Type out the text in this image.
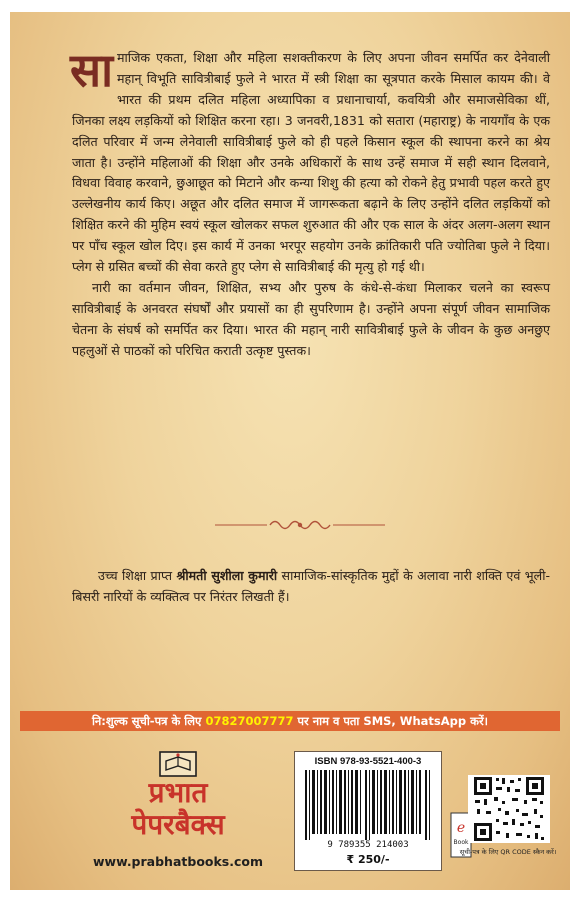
सामाजिक एकता, शिक्षा और महिला सशक्तीकरण के लिए अपना जीवन समर्पित कर देनेवाली महान् विभूति सावित्रीबाई फुले ने भारत में स्त्री शिक्षा का सूत्रपात करके मिसाल कायम की। वे भारत की प्रथम दलित महिला अध्यापिका व प्रधानाचार्या, कवयित्री और समाजसेविका थीं, जिनका लक्ष्य लड़कियों को शिक्षित करना रहा। 3 जनवरी,1831 को सतारा (महाराष्ट्र) के नायगाँव के एक दलित परिवार में जन्म लेनेवाली सावित्रीबाई फुले को ही पहले किसान स्कूल की स्थापना करने का श्रेय जाता है। उन्होंने महिलाओं की शिक्षा और उनके अधिकारों के साथ उन्हें समाज में सही स्थान दिलवाने, विधवा विवाह करवाने, छुआछूत को मिटाने और कन्या शिशु की हत्या को रोकने हेतु प्रभावी पहल करते हुए उल्लेखनीय कार्य किए। अछूत और दलित समाज में जागरूकता बढ़ाने के लिए उन्होंने दलित लड़कियों को शिक्षित करने की मुहिम स्वयं स्कूल खोलकर सफल शुरुआत की और एक साल के अंदर अलग-अलग स्थान पर पाँच स्कूल खोल दिए। इस कार्य में उनका भरपूर सहयोग उनके क्रांतिकारी पति ज्योतिबा फुले ने दिया। प्लेग से ग्रसित बच्चों की सेवा करते हुए प्लेग से सावित्रीबाई की मृत्यु हो गई थी।

नारी का वर्तमान जीवन, शिक्षित, सभ्य और पुरुष के कंधे-से-कंधा मिलाकर चलने का स्वरूप सावित्रीबाई के अनवरत संघर्षों और प्रयासों का ही सुपरिणाम है। उन्होंने अपना संपूर्ण जीवन सामाजिक चेतना के संघर्ष को समर्पित कर दिया। भारत की महान् नारी सावित्रीबाई फुले के जीवन के कुछ अनछुए पहलुओं से पाठकों को परिचित कराती उत्कृष्ट पुस्तक।

उच्च शिक्षा प्राप्त श्रीमती सुशीला कुमारी सामाजिक-सांस्कृतिक मुद्दों के अलावा नारी शक्ति एवं भूली-बिसरी नारियों के व्यक्तित्व पर निरंतर लिखती हैं।

नि:शुल्क सूची-पत्र के लिए 07827007777 पर नाम व पता SMS, WhatsApp करें।
प्रभात
पेपरबैक्स
www.prabhatbooks.com
ISBN 978-93-5521-400-3
9 789355 214003
₹ 250/-
e
Book
सूची-पत्र के लिए QR CODE स्कैन करें।
